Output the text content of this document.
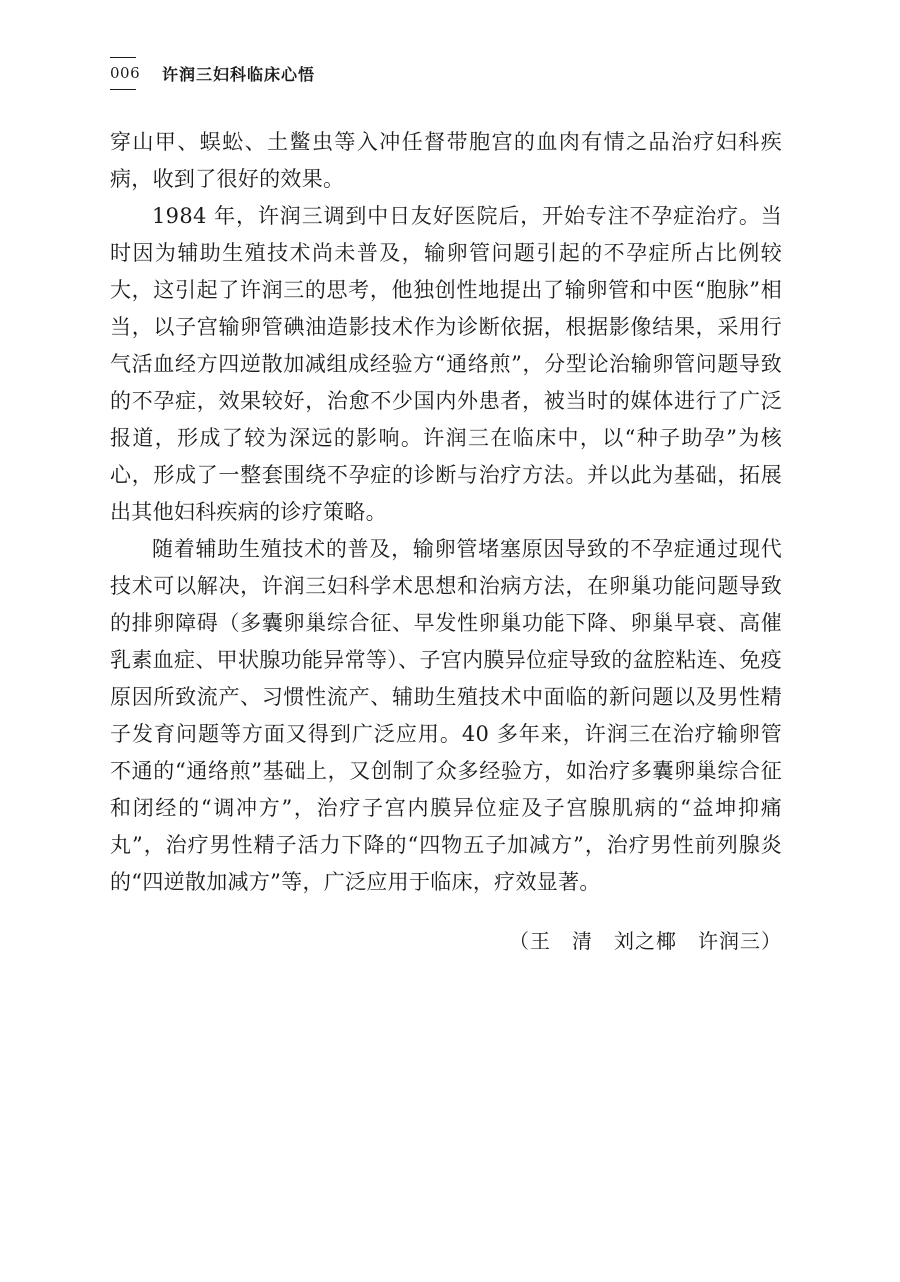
006 许润三妇科临床心悟

穿山甲、蜈蚣、土鳖虫等入冲任督带胞宫的血肉有情之品治疗妇科疾病，收到了很好的效果。

1984 年，许润三调到中日友好医院后，开始专注不孕症治疗。当时因为辅助生殖技术尚未普及，输卵管问题引起的不孕症所占比例较大，这引起了许润三的思考，他独创性地提出了输卵管和中医“胞脉”相当，以子宫输卵管碘油造影技术作为诊断依据，根据影像结果，采用行气活血经方四逆散加减组成经验方“通络煎”，分型论治输卵管问题导致的不孕症，效果较好，治愈不少国内外患者，被当时的媒体进行了广泛报道，形成了较为深远的影响。许润三在临床中，以“种子助孕”为核心，形成了一整套围绕不孕症的诊断与治疗方法。并以此为基础，拓展出其他妇科疾病的诊疗策略。

随着辅助生殖技术的普及，输卵管堵塞原因导致的不孕症通过现代技术可以解决，许润三妇科学术思想和治病方法，在卵巢功能问题导致的排卵障碍（多囊卵巢综合征、早发性卵巢功能下降、卵巢早衰、高催乳素血症、甲状腺功能异常等）、子宫内膜异位症导致的盆腔粘连、免疫原因所致流产、习惯性流产、辅助生殖技术中面临的新问题以及男性精子发育问题等方面又得到广泛应用。40 多年来，许润三在治疗输卵管不通的“通络煎”基础上，又创制了众多经验方，如治疗多囊卵巢综合征和闭经的“调冲方”，治疗子宫内膜异位症及子宫腺肌病的“益坤抑痛丸”，治疗男性精子活力下降的“四物五子加减方”，治疗男性前列腺炎的“四逆散加减方”等，广泛应用于临床，疗效显著。

（王　清　刘之椰　许润三）
